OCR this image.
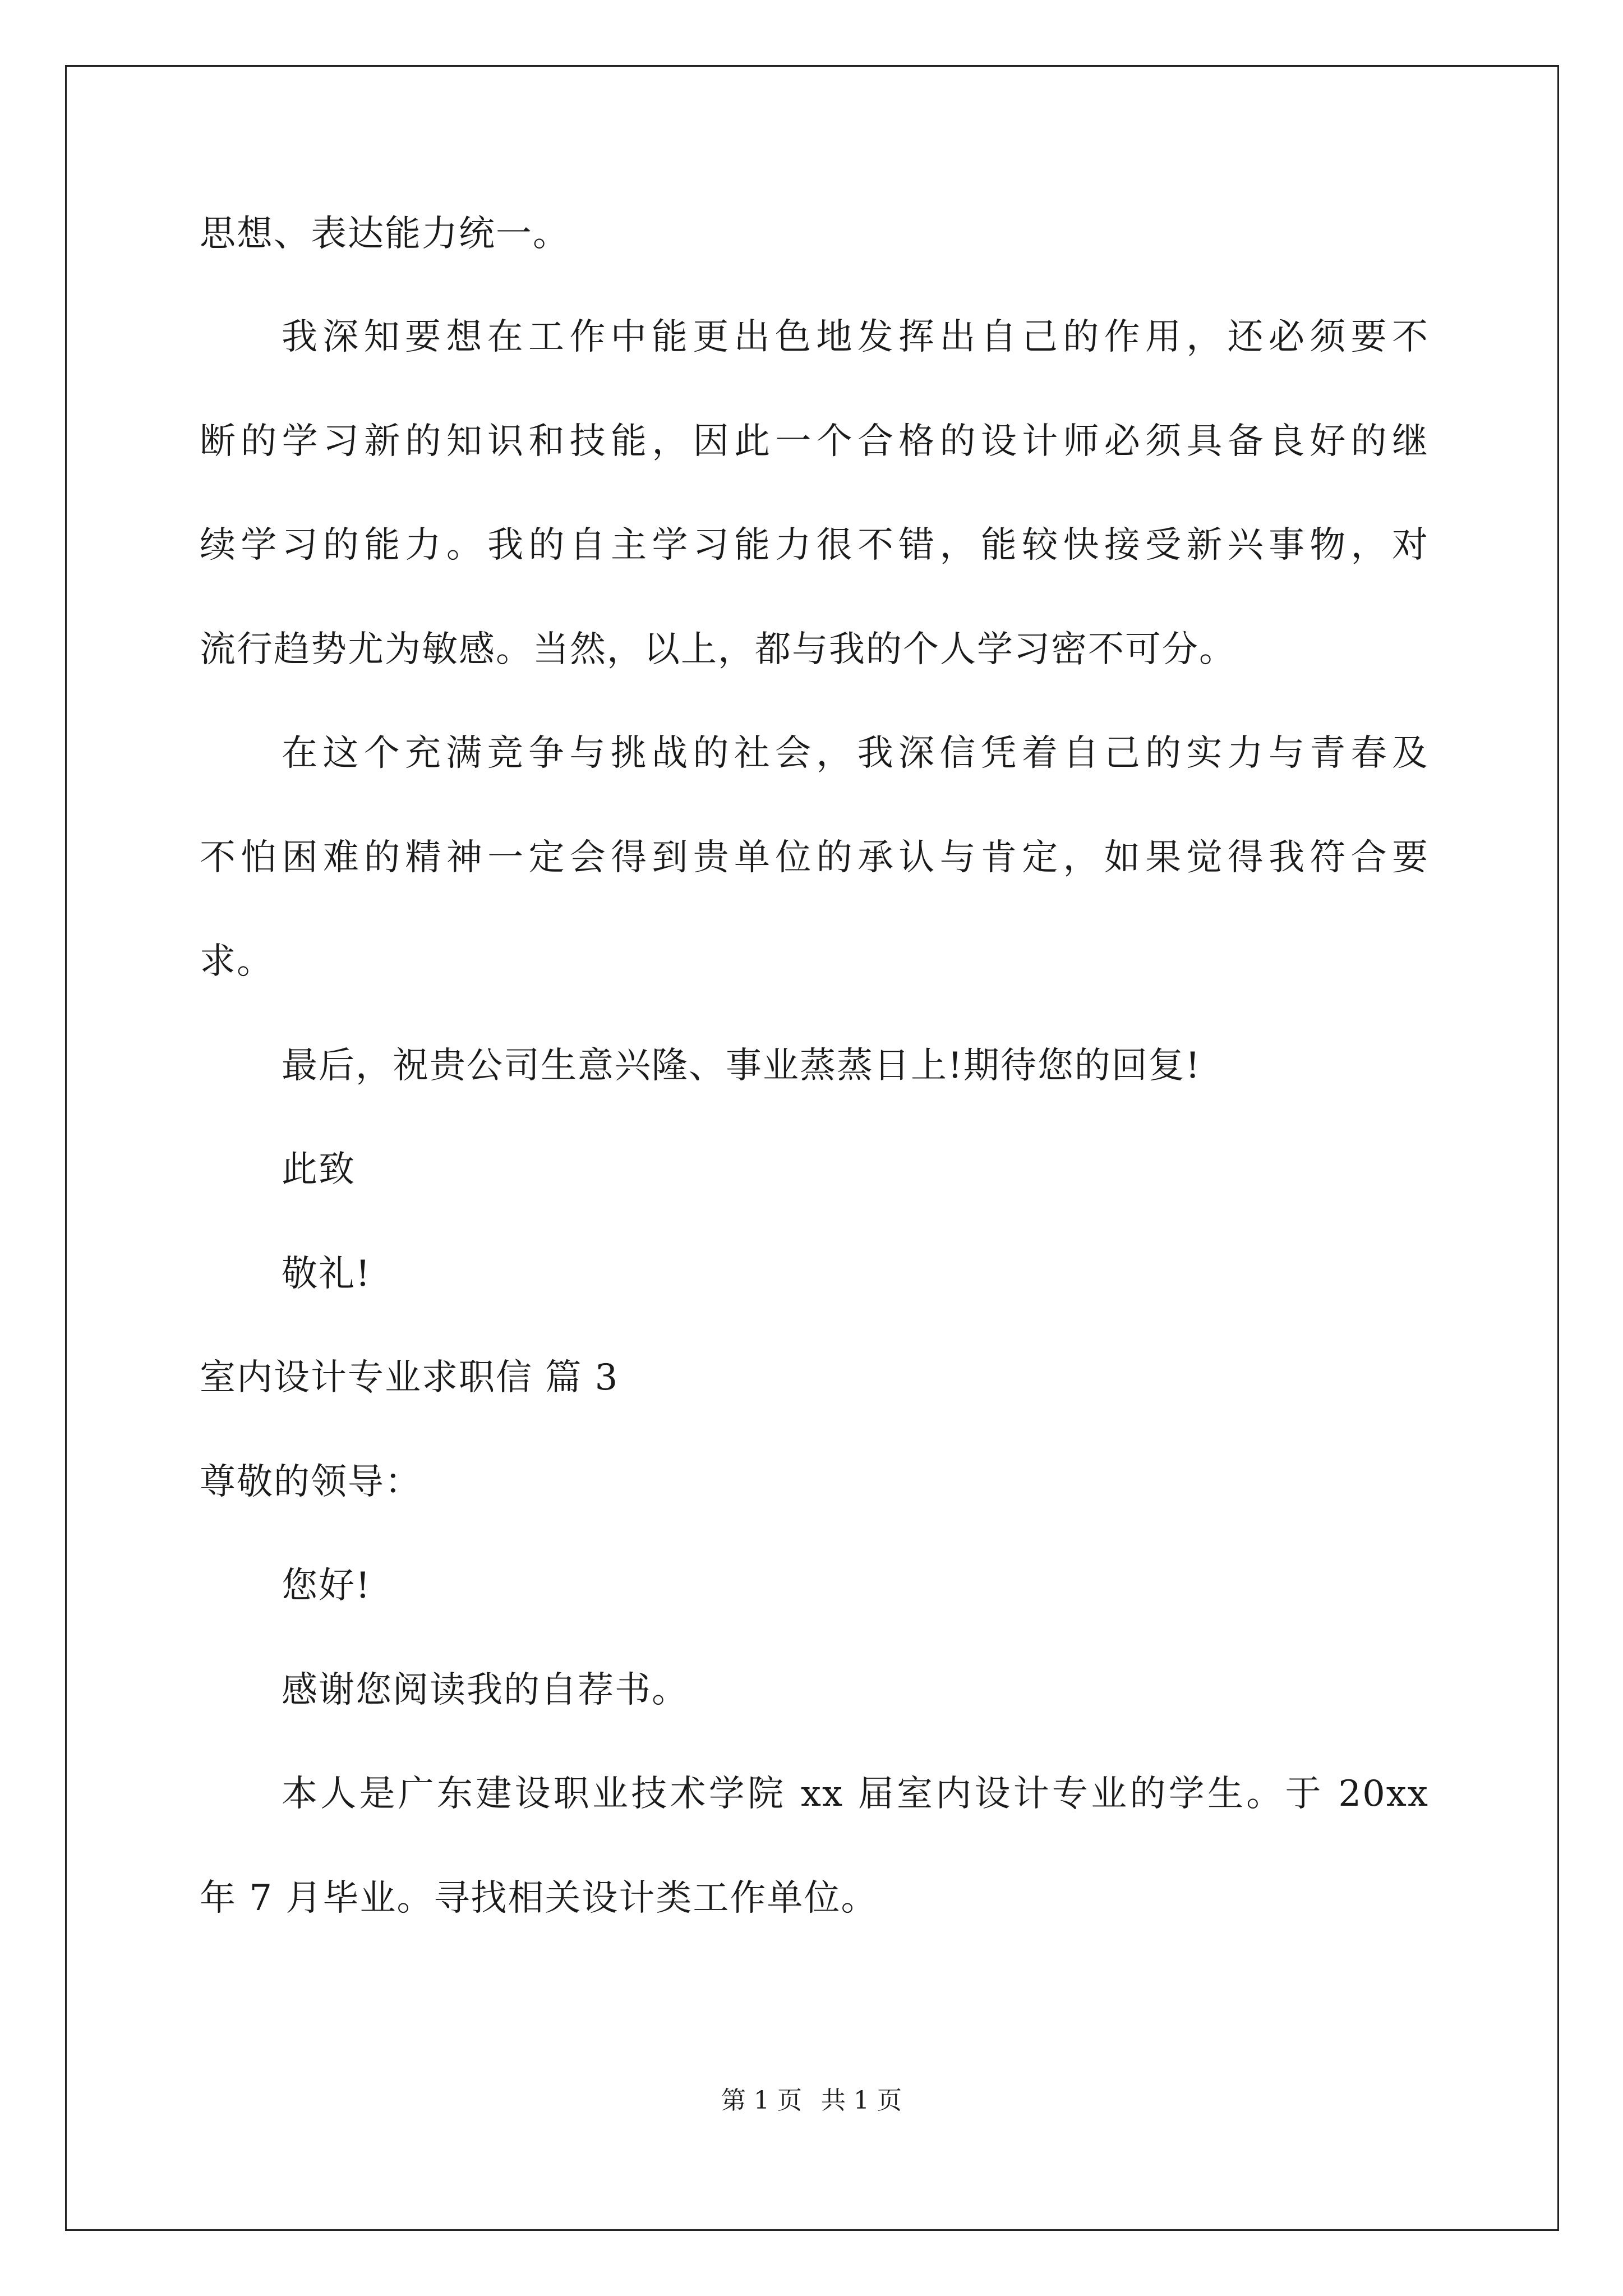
思想、表达能力统一。
我深知要想在工作中能更出色地发挥出自己的作用，还必须要不
断的学习新的知识和技能，因此一个合格的设计师必须具备良好的继
续学习的能力。我的自主学习能力很不错，能较快接受新兴事物，对
流行趋势尤为敏感。当然，以上，都与我的个人学习密不可分。
在这个充满竞争与挑战的社会，我深信凭着自己的实力与青春及
不怕困难的精神一定会得到贵单位的承认与肯定，如果觉得我符合要
求。
最后，祝贵公司生意兴隆、事业蒸蒸日上!期待您的回复!
此致
敬礼!
室内设计专业求职信 篇 3
尊敬的领导：
您好!
感谢您阅读我的自荐书。
本人是广东建设职业技术学院 xx 届室内设计专业的学生。于 20xx
年 7 月毕业。寻找相关设计类工作单位。
第 1 页 共 1 页
